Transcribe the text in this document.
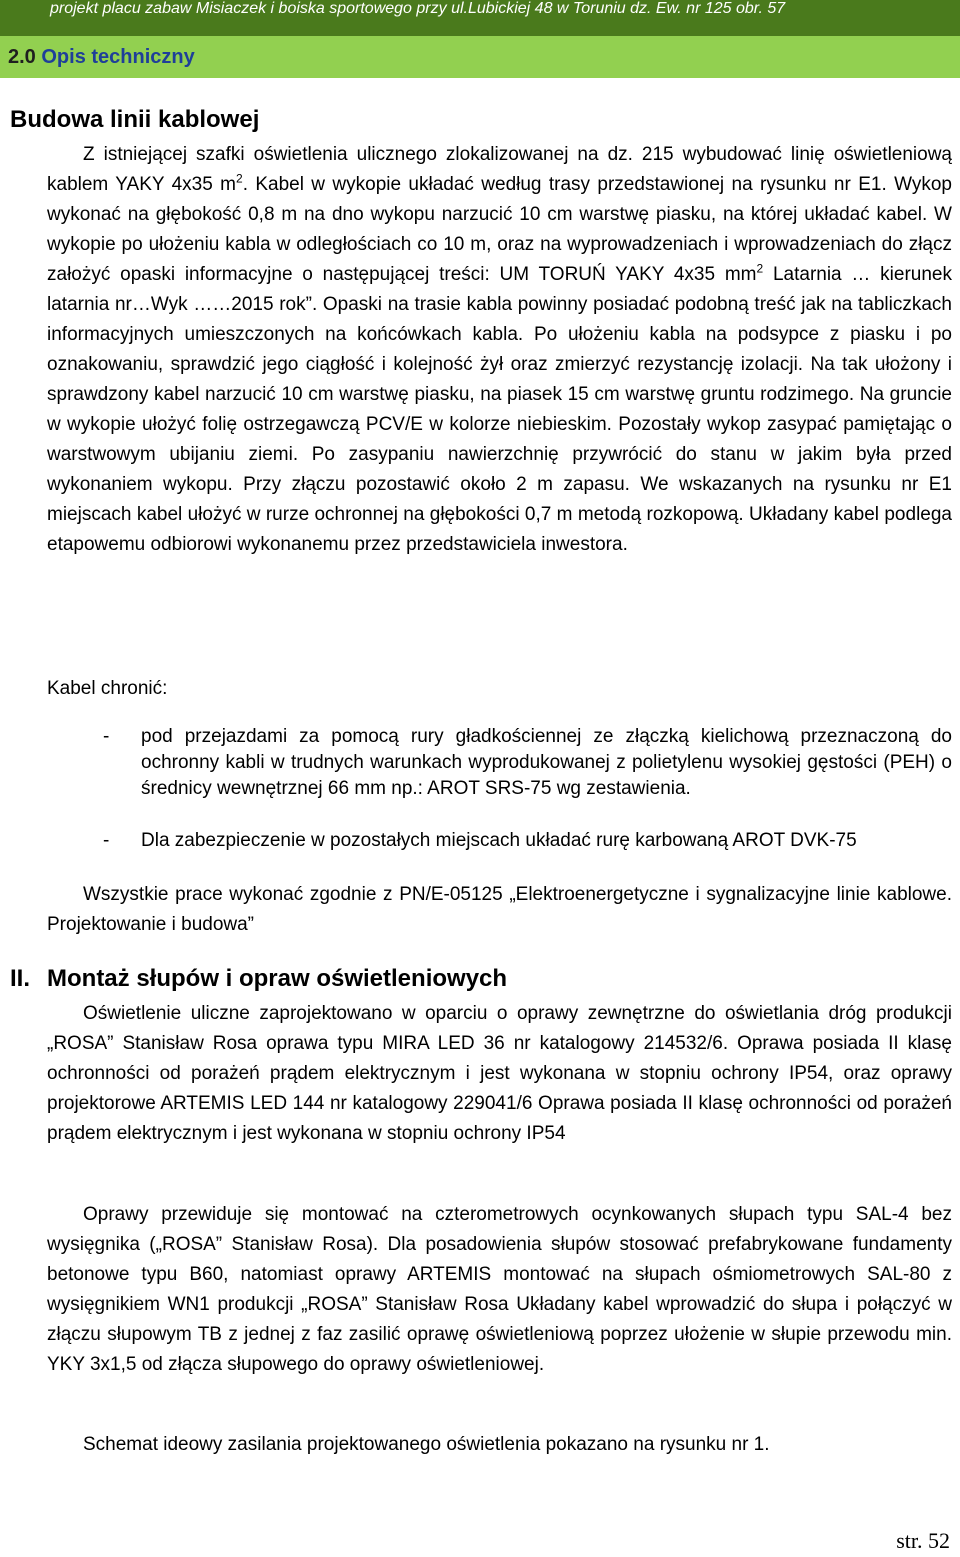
projekt placu zabaw Misiaczek i boiska sportowego przy ul.Lubickiej 48 w Toruniu dz. Ew. nr 125 obr. 57
2.0 Opis techniczny
Budowa linii kablowej
Z istniejącej szafki oświetlenia ulicznego zlokalizowanej na dz. 215 wybudować linię oświetleniową kablem YAKY 4x35 $m^2$. Kabel w wykopie układać według trasy przedstawionej na rysunku nr E1. Wykop wykonać na głębokość 0,8 m na dno wykopu narzucić 10 cm warstwę piasku, na której układać kabel. W wykopie po ułożeniu kabla w odległościach co 10 m, oraz na wyprowadzeniach i wprowadzeniach do złącz założyć opaski informacyjne o następującej treści: UM TORUŃ YAKY 4x35 $mm^2$ Latarnia … kierunek latarnia nr…Wyk ……2015 rok”. Opaski na trasie kabla powinny posiadać podobną treść jak na tabliczkach informacyjnych umieszczonych na końcówkach kabla. Po ułożeniu kabla na podsypce z piasku i po oznakowaniu, sprawdzić jego ciągłość i kolejność żył oraz zmierzyć rezystancję izolacji. Na tak ułożony i sprawdzony kabel narzucić 10 cm warstwę piasku, na piasek 15 cm warstwę gruntu rodzimego. Na gruncie w wykopie ułożyć folię ostrzegawczą PCV/E w kolorze niebieskim. Pozostały wykop zasypać pamiętając o warstwowym ubijaniu ziemi. Po zasypaniu nawierzchnię przywrócić do stanu w jakim była przed wykonaniem wykopu. Przy złączu pozostawić około 2 m zapasu. We wskazanych na rysunku nr E1 miejscach kabel ułożyć w rurze ochronnej na głębokości 0,7 m metodą rozkopową. Układany kabel podlega etapowemu odbiorowi wykonanemu przez przedstawiciela inwestora.
Kabel chronić:
-	pod przejazdami za pomocą rury gładkościennej ze złączką kielichową przeznaczoną do ochronny kabli w trudnych warunkach wyprodukowanej z polietylenu wysokiej gęstości (PEH) o średnicy wewnętrznej 66 mm np.: AROT SRS-75 wg zestawienia.
-	Dla zabezpieczenie w pozostałych miejscach układać rurę karbowaną AROT DVK-75
Wszystkie prace wykonać zgodnie z PN/E-05125 „Elektroenergetyczne i sygnalizacyjne linie kablowe. Projektowanie i budowa”
II. Montaż słupów i opraw oświetleniowych
Oświetlenie uliczne zaprojektowano w oparciu o oprawy zewnętrzne do oświetlania dróg produkcji „ROSA” Stanisław Rosa oprawa typu MIRA LED 36 nr katalogowy 214532/6. Oprawa posiada II klasę ochronności od porażeń prądem elektrycznym i jest wykonana w stopniu ochrony IP54, oraz oprawy projektorowe ARTEMIS LED 144 nr katalogowy 229041/6 Oprawa posiada II klasę ochronności od porażeń prądem elektrycznym i jest wykonana w stopniu ochrony IP54
Oprawy przewiduje się montować na czterometrowych ocynkowanych słupach typu SAL-4 bez wysięgnika („ROSA” Stanisław Rosa). Dla posadowienia słupów stosować prefabrykowane fundamenty betonowe typu B60, natomiast oprawy ARTEMIS montować na słupach ośmiometrowych SAL-80 z wysięgnikiem WN1 produkcji „ROSA” Stanisław Rosa Układany kabel wprowadzić do słupa i połączyć w złączu słupowym TB z jednej z faz zasilić oprawę oświetleniową poprzez ułożenie w słupie przewodu min. YKY 3x1,5 od złącza słupowego do oprawy oświetleniowej.
Schemat ideowy zasilania projektowanego oświetlenia pokazano na rysunku nr 1.
str. 52
